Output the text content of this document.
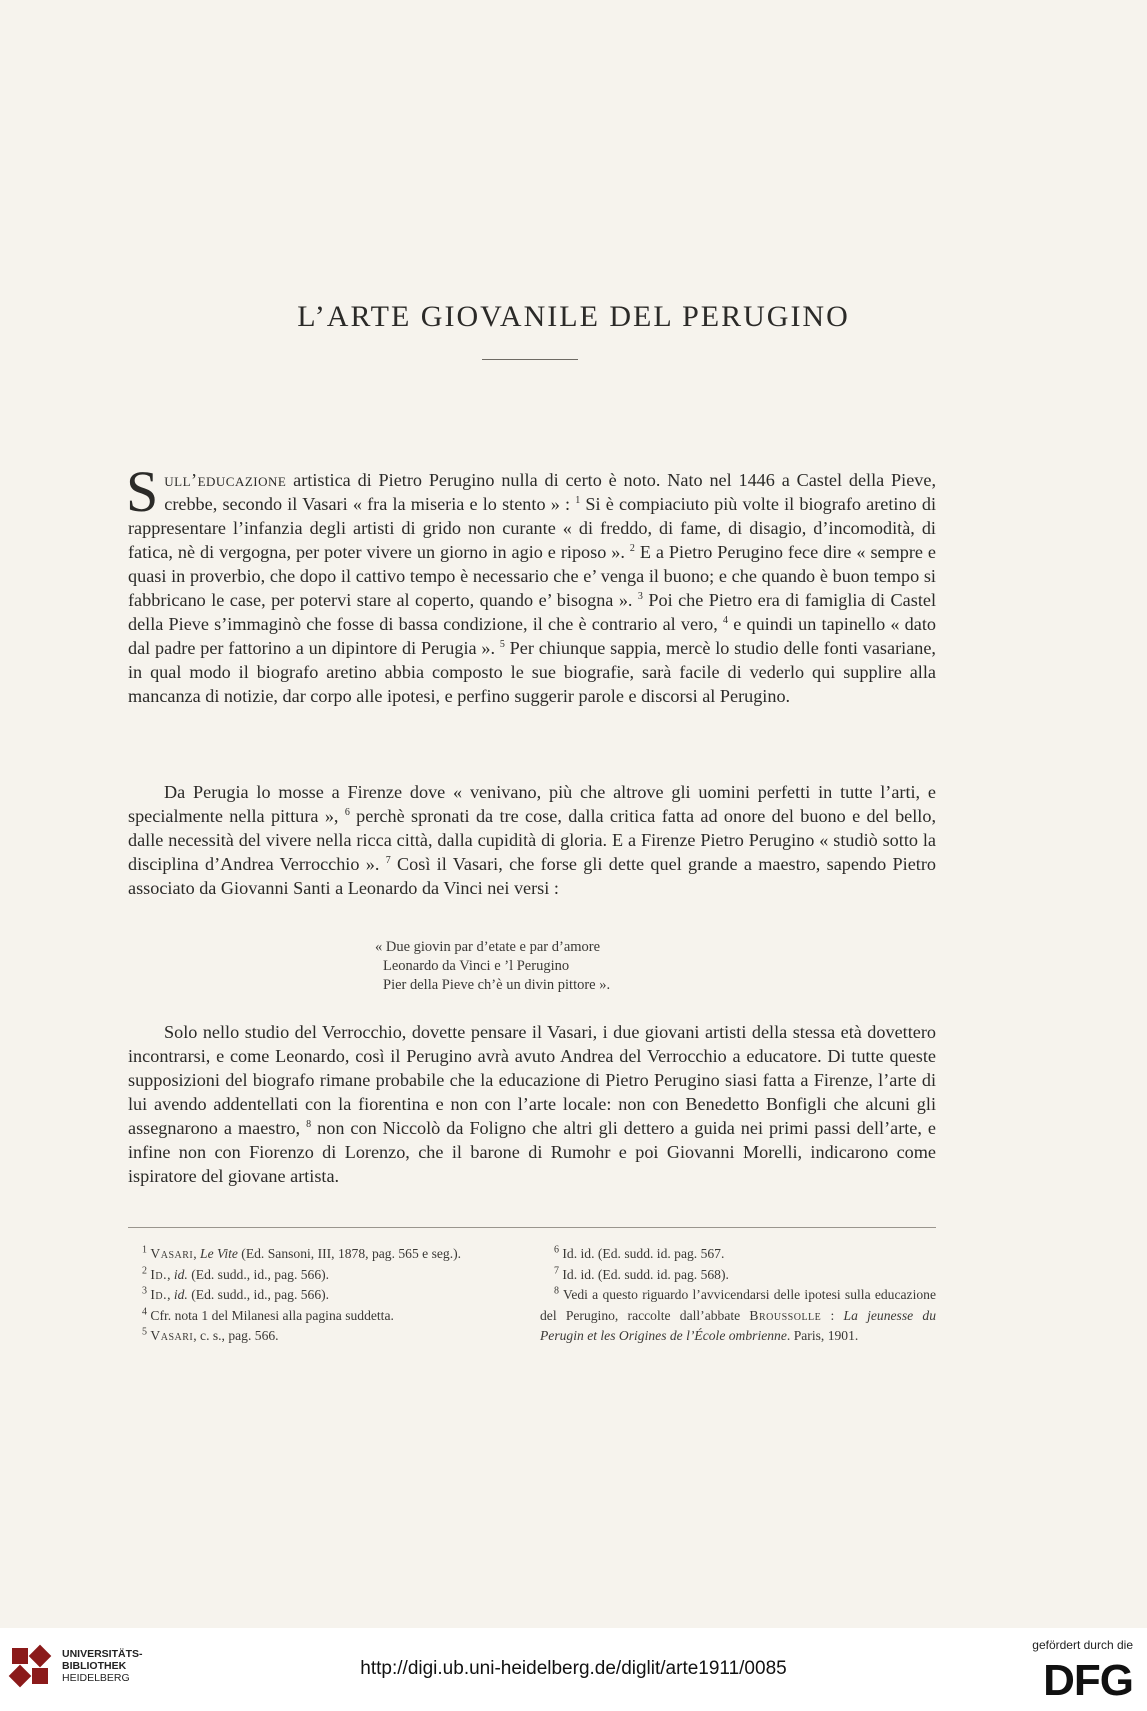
L’ARTE GIOVANILE DEL PERUGINO

Sull’educazione artistica di Pietro Perugino nulla di certo è noto. Nato nel 1446 a Castel della Pieve, crebbe, secondo il Vasari « fra la miseria e lo stento » : $^1$ Si è compiaciuto più volte il biografo aretino di rappresentare l’infanzia degli artisti di grido non curante « di freddo, di fame, di disagio, d’incomodità, di fatica, nè di vergogna, per poter vivere un giorno in agio e riposo ». $^2$ E a Pietro Perugino fece dire « sempre e quasi in proverbio, che dopo il cattivo tempo è necessario che e’ venga il buono; e che quando è buon tempo si fabbricano le case, per potervi stare al coperto, quando e’ bisogna ». $^3$ Poi che Pietro era di famiglia di Castel della Pieve s’immaginò che fosse di bassa condizione, il che è contrario al vero, $^4$ e quindi un tapinello « dato dal padre per fattorino a un dipintore di Perugia ». $^5$ Per chiunque sappia, mercè lo studio delle fonti vasariane, in qual modo il biografo aretino abbia composto le sue biografie, sarà facile di vederlo qui supplire alla mancanza di notizie, dar corpo alle ipotesi, e perfino suggerir parole e discorsi al Perugino.

Da Perugia lo mosse a Firenze dove « venivano, più che altrove gli uomini perfetti in tutte l’arti, e specialmente nella pittura », $^6$ perchè spronati da tre cose, dalla critica fatta ad onore del buono e del bello, dalle necessità del vivere nella ricca città, dalla cupidità di gloria. E a Firenze Pietro Perugino « studiò sotto la disciplina d’Andrea Verrocchio ». $^7$ Così il Vasari, che forse gli dette quel grande a maestro, sapendo Pietro associato da Giovanni Santi a Leonardo da Vinci nei versi :

« Due giovin par d’etate e par d’amore
Leonardo da Vinci e ’l Perugino
Pier della Pieve ch’è un divin pittore ».

Solo nello studio del Verrocchio, dovette pensare il Vasari, i due giovani artisti della stessa età dovettero incontrarsi, e come Leonardo, così il Perugino avrà avuto Andrea del Verrocchio a educatore. Di tutte queste supposizioni del biografo rimane probabile che la educazione di Pietro Perugino siasi fatta a Firenze, l’arte di lui avendo addentellati con la fiorentina e non con l’arte locale: non con Benedetto Bonfigli che alcuni gli assegnarono a maestro, $^8$ non con Niccolò da Foligno che altri gli dettero a guida nei primi passi dell’arte, e infine non con Fiorenzo di Lorenzo, che il barone di Rumohr e poi Giovanni Morelli, indicarono come ispiratore del giovane artista.

$^1$ Vasari, Le Vite (Ed. Sansoni, III, 1878, pag. 565 e seg.).

$^2$ Id., id. (Ed. sudd., id., pag. 566).

$^3$ Id., id. (Ed. sudd., id., pag. 566).

$^4$ Cfr. nota 1 del Milanesi alla pagina suddetta.

$^5$ Vasari, c. s., pag. 566.

$^6$ Id. id. (Ed. sudd. id. pag. 567.

$^7$ Id. id. (Ed. sudd. id. pag. 568).

$^8$ Vedi a questo riguardo l’avvicendarsi delle ipotesi sulla educazione del Perugino, raccolte dall’abbate Broussolle : La jeunesse du Perugin et les Origines de l’École ombrienne. Paris, 1901.

UNIVERSITÄTS-
BIBLIOTHEK
HEIDELBERG	http://digi.ub.uni-heidelberg.de/diglit/arte1911/0085
gefördert durch die
DFG
